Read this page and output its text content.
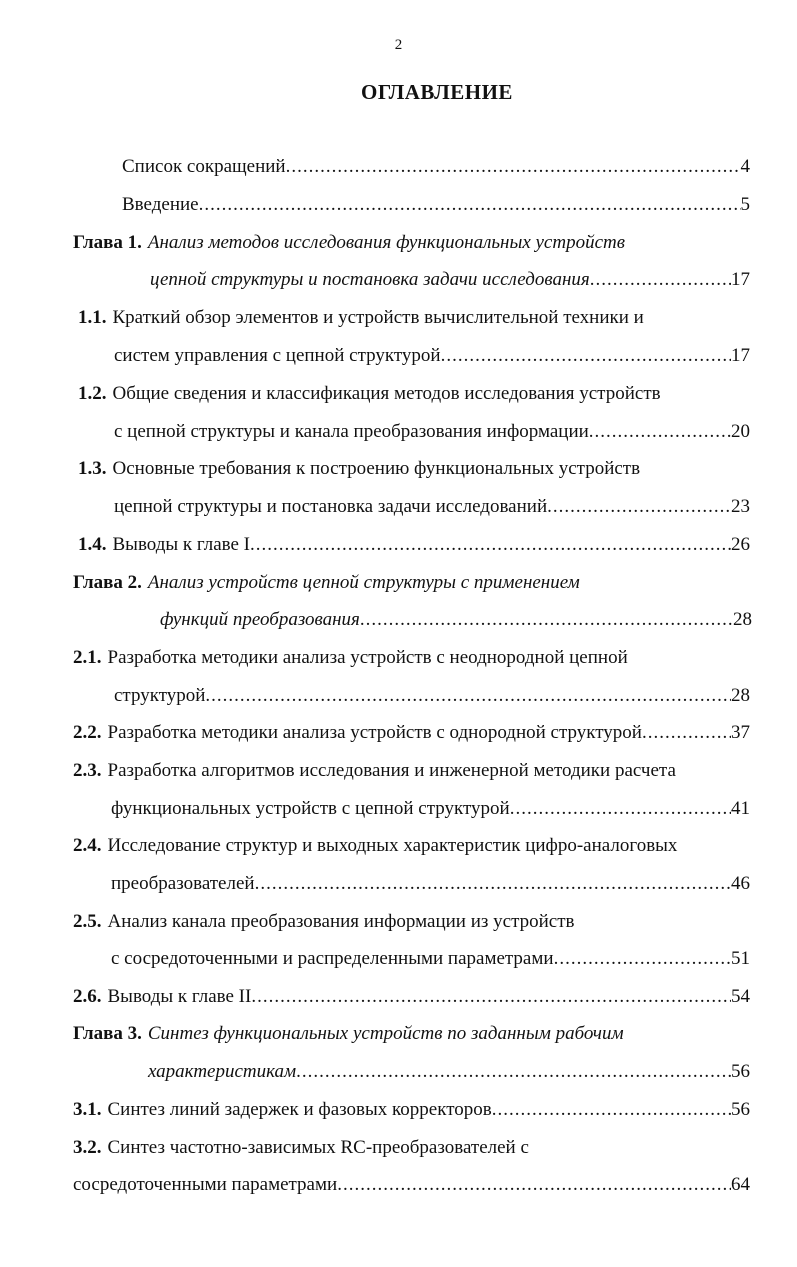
2
ОГЛАВЛЕНИЕ
Список сокращений .....	4
Введение .....	5
Глава 1. Анализ методов исследования функциональных устройств
цепной структуры и постановка задачи исследования .....	17
1.1. Краткий обзор элементов и устройств вычислительной техники и
систем управления с цепной структурой .....	17
1.2. Общие сведения и классификация методов исследования устройств
с цепной структуры и канала преобразования информации .....	20
1.3. Основные требования к построению функциональных устройств
цепной структуры и постановка задачи исследований .....	23
1.4. Выводы к главе I .....	26
Глава 2. Анализ устройств цепной структуры с применением
функций преобразования .....	28
2.1. Разработка методики анализа устройств с неоднородной цепной
структурой .....	28
2.2. Разработка методики анализа устройств с однородной структурой .....	37
2.3. Разработка алгоритмов исследования и инженерной методики расчета
функциональных устройств с цепной структурой .....	41
2.4. Исследование структур и выходных характеристик цифро-аналоговых
преобразователей .....	46
2.5. Анализ канала преобразования информации из устройств
с сосредоточенными и распределенными параметрами .....	51
2.6. Выводы к главе II .....	54
Глава 3. Синтез функциональных устройств по заданным рабочим
характеристикам .....	56
3.1. Синтез линий задержек и фазовых корректоров .....	56
3.2. Синтез частотно-зависимых RC-преобразователей с
сосредоточенными параметрами .....	64
